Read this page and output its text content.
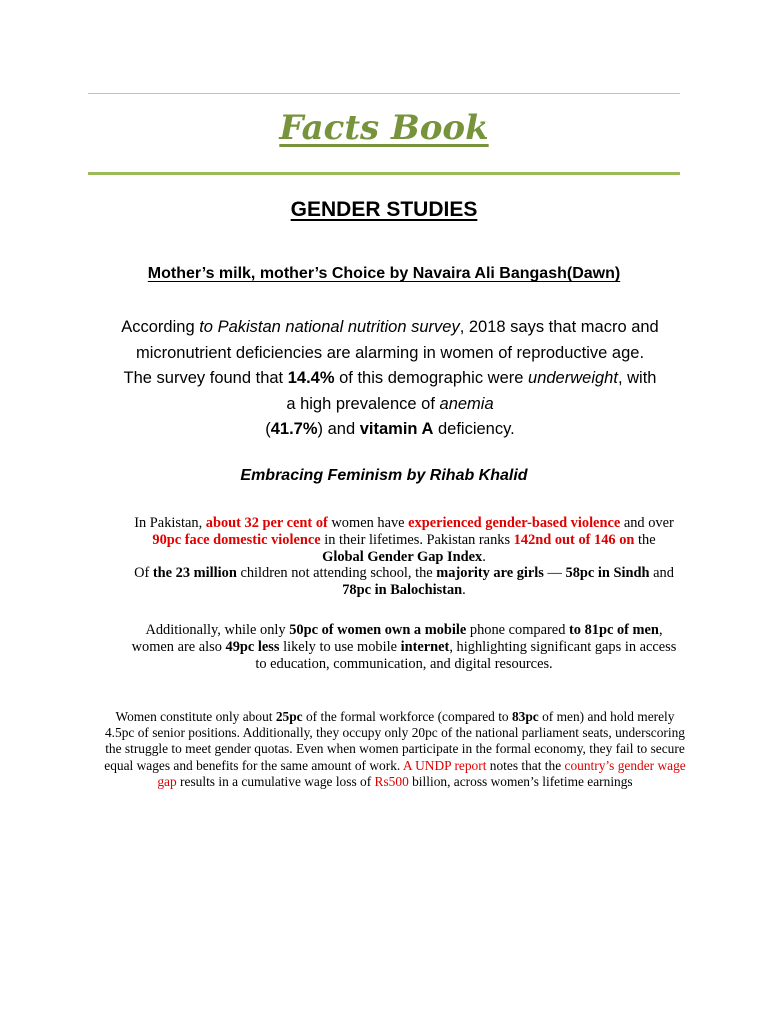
Facts Book
GENDER STUDIES
Mother’s milk, mother’s Choice by Navaira Ali Bangash(Dawn)
According to Pakistan national nutrition survey, 2018 says that macro and micronutrient deficiencies are alarming in women of reproductive age. The survey found that 14.4% of this demographic were underweight, with a high prevalence of anemia
(41.7%) and vitamin A deficiency.
Embracing Feminism by Rihab Khalid
In Pakistan, about 32 per cent of women have experienced gender-based violence and over 90pc face domestic violence in their lifetimes. Pakistan ranks 142nd out of 146 on the Global Gender Gap Index.
Of the 23 million children not attending school, the majority are girls — 58pc in Sindh and 78pc in Balochistan.
Additionally, while only 50pc of women own a mobile phone compared to 81pc of men, women are also 49pc less likely to use mobile internet, highlighting significant gaps in access to education, communication, and digital resources.
Women constitute only about 25pc of the formal workforce (compared to 83pc of men) and hold merely 4.5pc of senior positions. Additionally, they occupy only 20pc of the national parliament seats, underscoring the struggle to meet gender quotas. Even when women participate in the formal economy, they fail to secure equal wages and benefits for the same amount of work. A UNDP report notes that the country’s gender wage gap results in a cumulative wage loss of Rs500 billion, across women’s lifetime earnings
